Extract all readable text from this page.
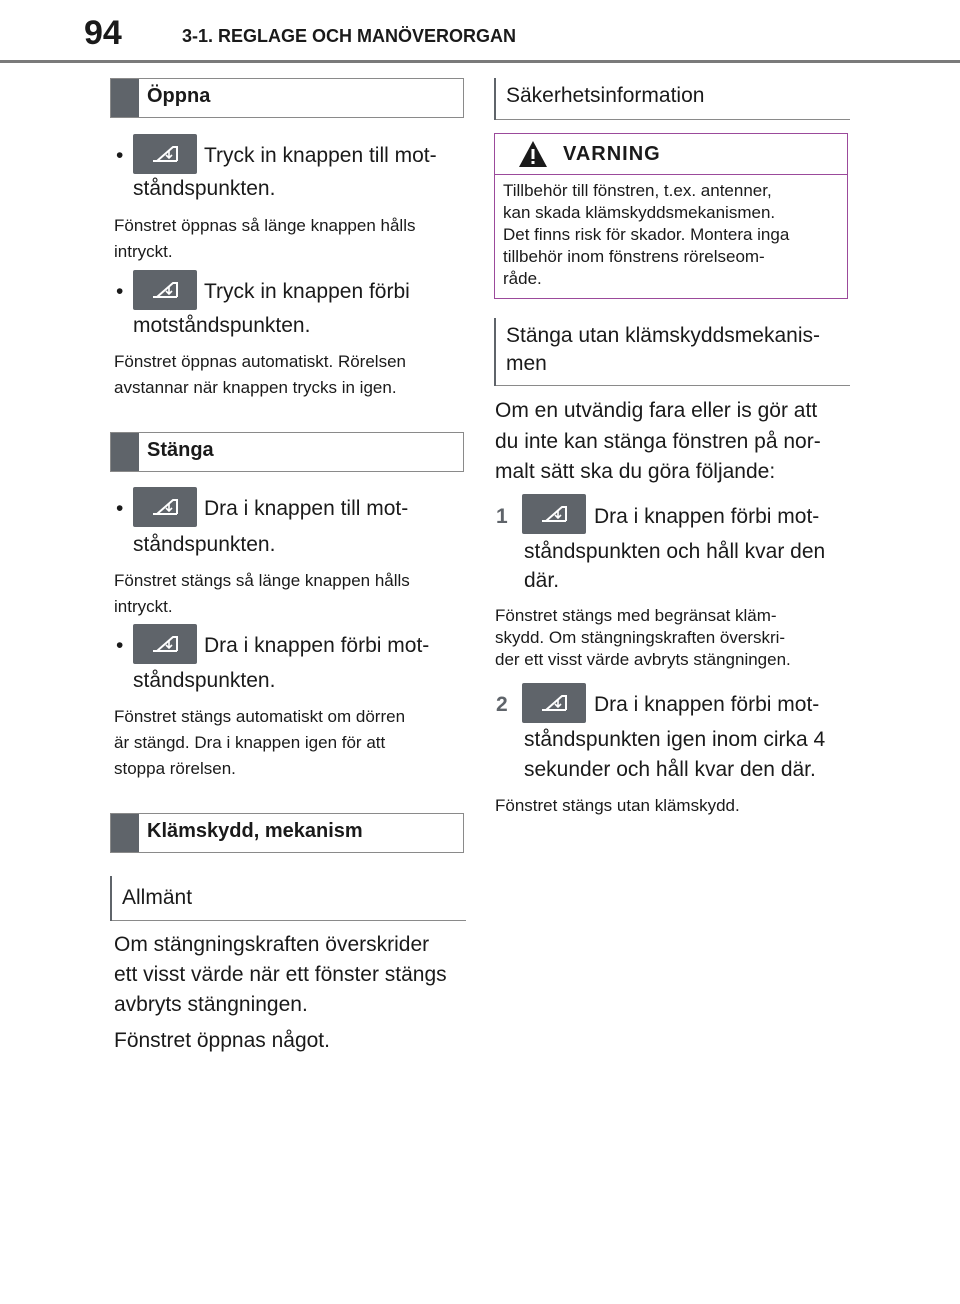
94	3-1. REGLAGE OCH MANÖVERORGAN
Öppna
•	Tryck in knappen till mot-
ståndspunkten.
Fönstret öppnas så länge knappen hålls
intryckt.
•	Tryck in knappen förbi
motståndspunkten.
Fönstret öppnas automatiskt. Rörelsen
avstannar när knappen trycks in igen.
Stänga
•	Dra i knappen till mot-
ståndspunkten.
Fönstret stängs så länge knappen hålls
intryckt.
•	Dra i knappen förbi mot-
ståndspunkten.
Fönstret stängs automatiskt om dörren
är stängd. Dra i knappen igen för att
stoppa rörelsen.
Klämskydd, mekanism
Allmänt
Om stängningskraften överskrider
ett visst värde när ett fönster stängs
avbryts stängningen.
Fönstret öppnas något.
Säkerhetsinformation
VARNING
Tillbehör till fönstren, t.ex. antenner,
kan skada klämskyddsmekanismen.
Det finns risk för skador. Montera inga
tillbehör inom fönstrens rörelseom-
råde.
Stänga utan klämskyddsmekanis-
men
Om en utvändig fara eller is gör att
du inte kan stänga fönstren på nor-
malt sätt ska du göra följande:
1	Dra i knappen förbi mot-
ståndspunkten och håll kvar den
där.
Fönstret stängs med begränsat kläm-
skydd. Om stängningskraften överskri-
der ett visst värde avbryts stängningen.
2	Dra i knappen förbi mot-
ståndspunkten igen inom cirka 4
sekunder och håll kvar den där.
Fönstret stängs utan klämskydd.
